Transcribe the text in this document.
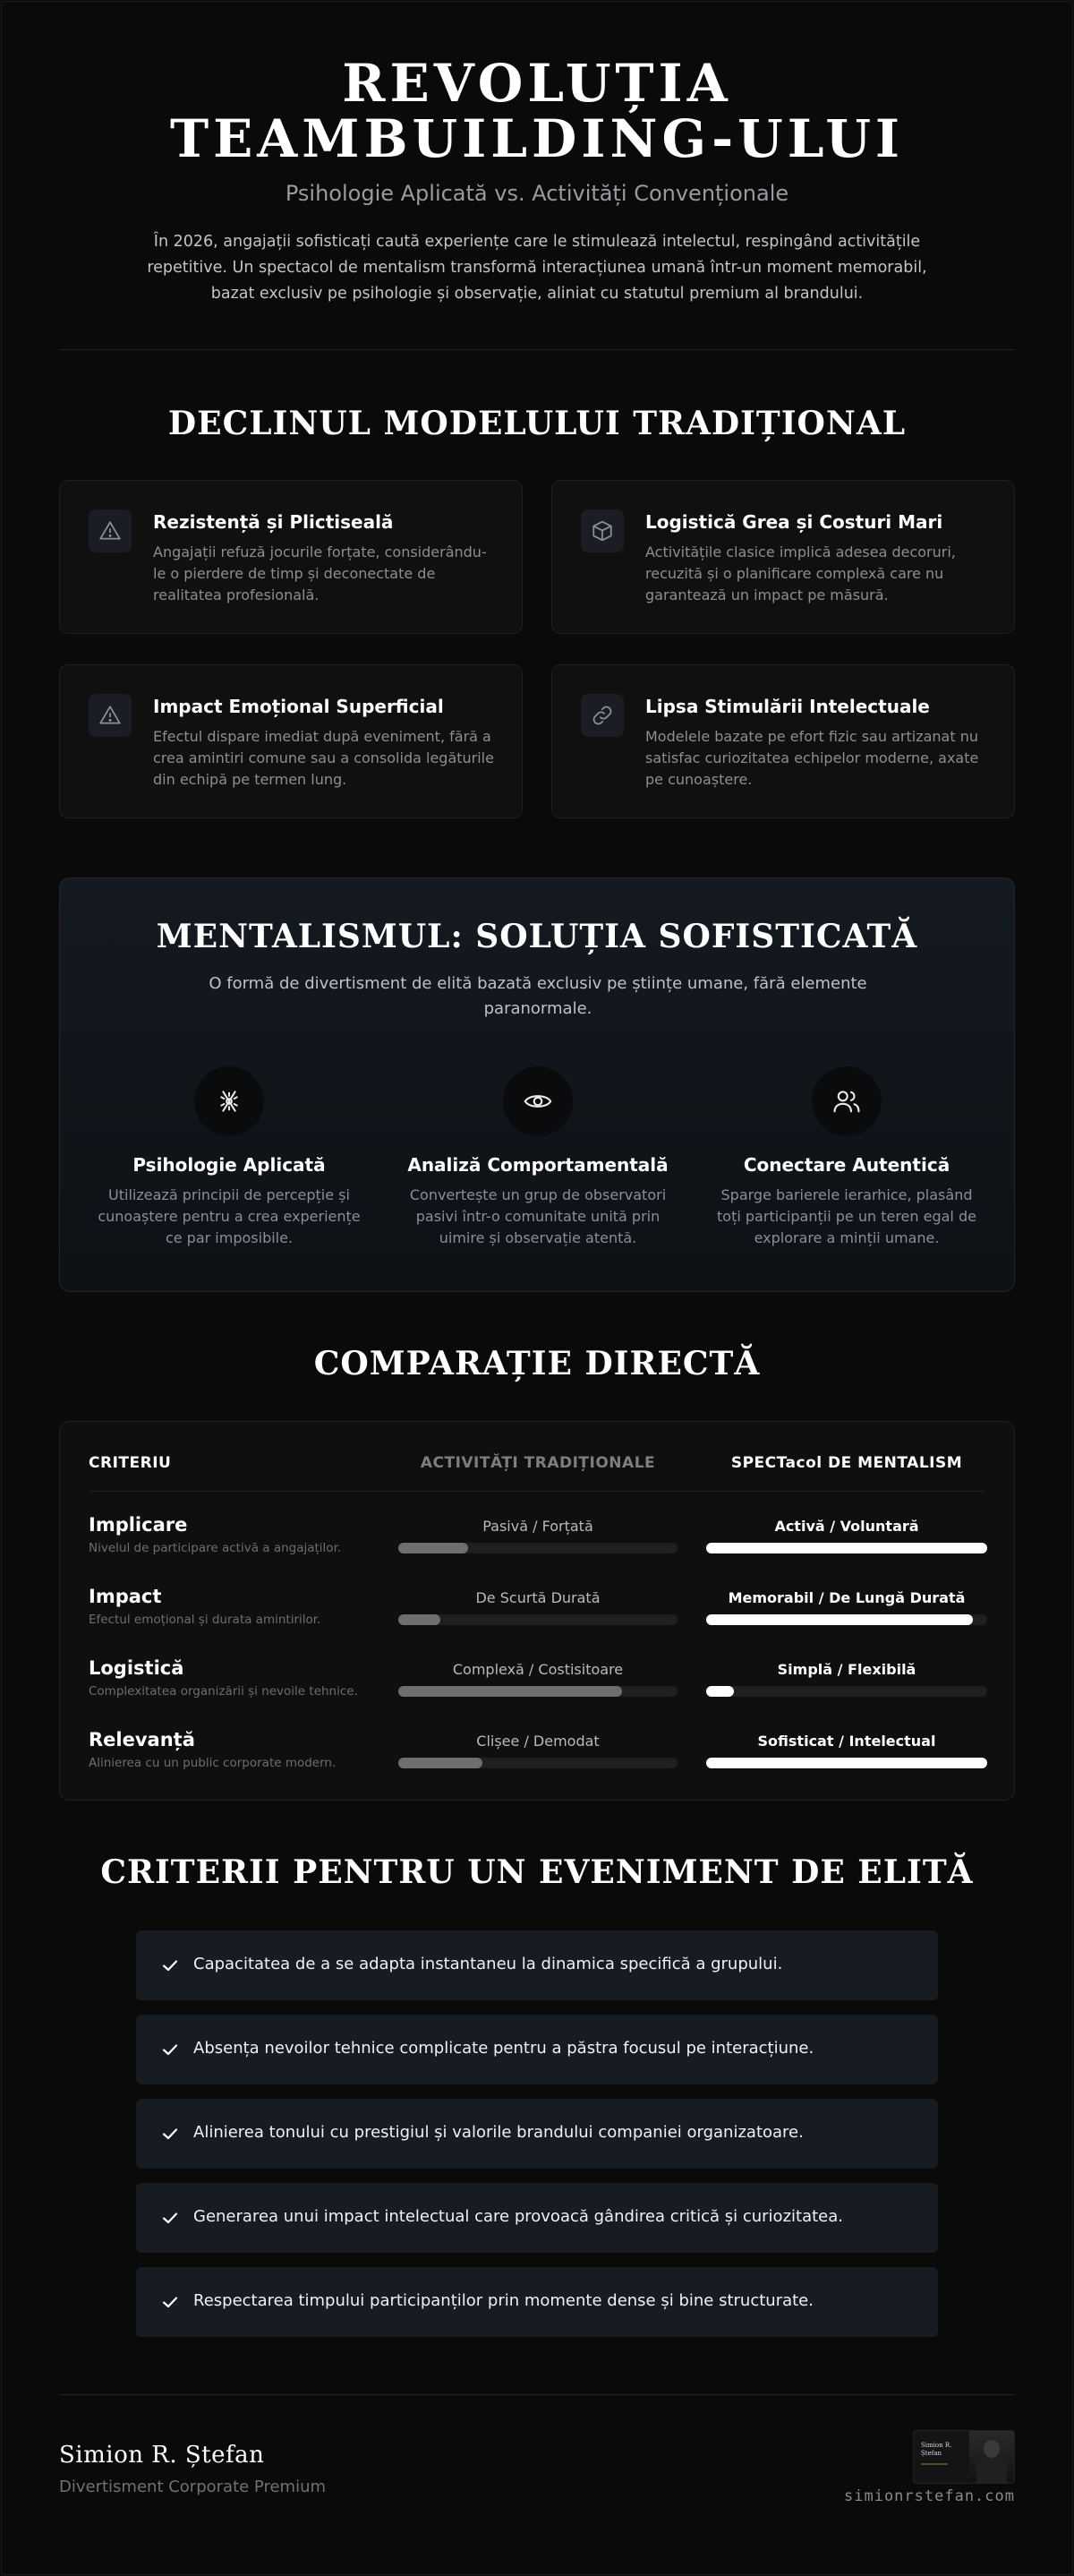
REVOLUȚIA
TEAMBUILDING-ULUI
Psihologie Aplicată vs. Activități Convenționale

În 2026, angajații sofisticați caută experiențe care le stimulează intelectul, respingând activitățile repetitive. Un spectacol de mentalism transformă interacțiunea umană într-un moment memorabil, bazat exclusiv pe psihologie și observație, aliniat cu statutul premium al brandului.

DECLINUL MODELULUI TRADIȚIONAL
Rezistență și Plictiseală
Angajații refuză jocurile forțate, considerându-le o pierdere de timp și deconectate de realitatea profesională.
Logistică Grea și Costuri Mari
Activitățile clasice implică adesea decoruri, recuzită și o planificare complexă care nu garantează un impact pe măsură.
Impact Emoțional Superficial
Efectul dispare imediat după eveniment, fără a crea amintiri comune sau a consolida legăturile din echipă pe termen lung.
Lipsa Stimulării Intelectuale
Modelele bazate pe efort fizic sau artizanat nu satisfac curiozitatea echipelor moderne, axate pe cunoaștere.
MENTALISMUL: SOLUȚIA SOFISTICATĂ

O formă de divertisment de elită bazată exclusiv pe științe umane, fără elemente paranormale.

Psihologie Aplicată
Utilizează principii de percepție și cunoaștere pentru a crea experiențe ce par imposibile.
Analiză Comportamentală
Convertește un grup de observatori pasivi într-o comunitate unită prin uimire și observație atentă.
Conectare Autentică
Sparge barierele ierarhice, plasând toți participanții pe un teren egal de explorare a minții umane.
COMPARAȚIE DIRECTĂ
CRITERIU	ACTIVITĂȚI TRADIȚIONALE	SPECTacol DE MENTALISM
Implicare
Nivelul de participare activă a angajaților.
Pasivă / Forțată	Activă / Voluntară
Impact
Efectul emoțional și durata amintirilor.
De Scurtă Durată	Memorabil / De Lungă Durată
Logistică
Complexitatea organizării și nevoile tehnice.
Complexă / Costisitoare	Simplă / Flexibilă
Relevanță
Alinierea cu un public corporate modern.
Clișee / Demodat	Sofisticat / Intelectual
CRITERII PENTRU UN EVENIMENT DE ELITĂ
Capacitatea de a se adapta instantaneu la dinamica specifică a grupului.
Absența nevoilor tehnice complicate pentru a păstra focusul pe interacțiune.
Alinierea tonului cu prestigiul și valorile brandului companiei organizatoare.
Generarea unui impact intelectual care provoacă gândirea critică și curiozitatea.
Respectarea timpului participanților prin momente dense și bine structurate.
Simion R. Ștefan
Divertisment Corporate Premium
Simion R. Ștefan
simionrstefan.com
